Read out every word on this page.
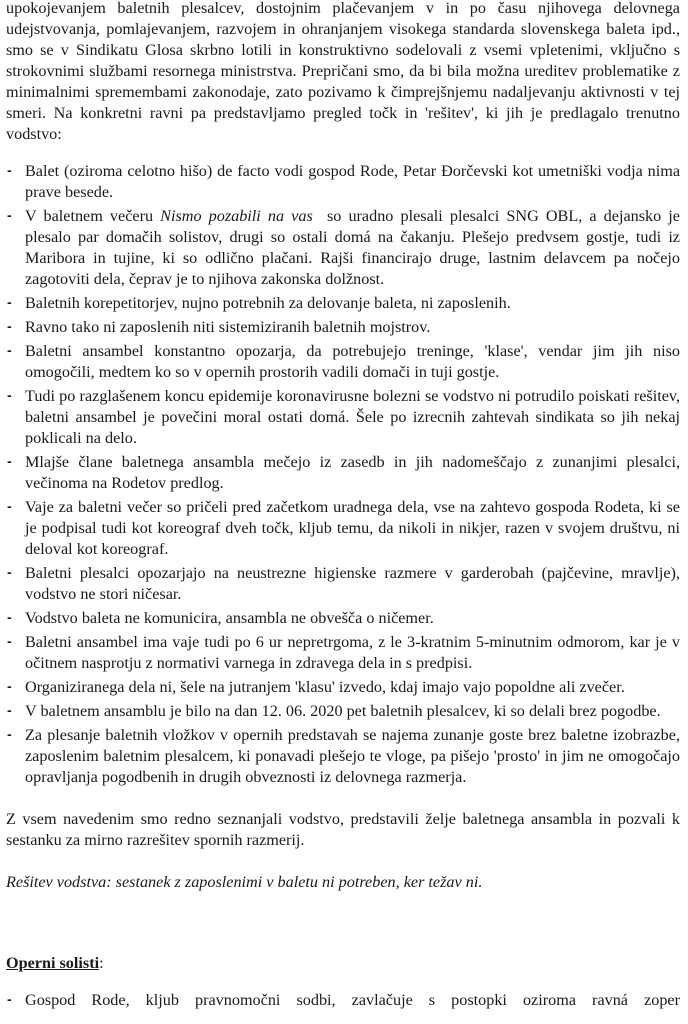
upokojevanjem baletnih plesalcev, dostojnim plačevanjem v in po času njihovega delovnega udejstvovanja, pomlajevanjem, razvojem in ohranjanjem visokega standarda slovenskega baleta ipd., smo se v Sindikatu Glosa skrbno lotili in konstruktivno sodelovali z vsemi vpletenimi, vključno s strokovnimi službami resornega ministrstva. Prepričani smo, da bi bila možna ureditev problematike z minimalnimi spremembami zakonodaje, zato pozivamo k čimprejšnjemu nadaljevanju aktivnosti v tej smeri. Na konkretni ravni pa predstavljamo pregled točk in 'rešitev', ki jih je predlagalo trenutno vodstvo:

- Balet (oziroma celotno hišo) de facto vodi gospod Rode, Petar Đorčevski kot umetniški vodja nima prave besede.
- V baletnem večeru Nismo pozabili na vas  so uradno plesali plesalci SNG OBL, a dejansko je plesalo par domačih solistov, drugi so ostali domá na čakanju. Plešejo predvsem gostje, tudi iz Maribora in tujine, ki so odlično plačani. Rajši financirajo druge, lastnim delavcem pa nočejo zagotoviti dela, čeprav je to njihova zakonska dolžnost.
- Baletnih korepetitorjev, nujno potrebnih za delovanje baleta, ni zaposlenih.
- Ravno tako ni zaposlenih niti sistemiziranih baletnih mojstrov.
- Baletni ansambel konstantno opozarja, da potrebujejo treninge, 'klase', vendar jim jih niso omogočili, medtem ko so v opernih prostorih vadili domači in tuji gostje.
- Tudi po razglašenem koncu epidemije koronavirusne bolezni se vodstvo ni potrudilo poiskati rešitev, baletni ansambel je povečini moral ostati domá. Šele po izrecnih zahtevah sindikata so jih nekaj poklicali na delo.
- Mlajše člane baletnega ansambla mečejo iz zasedb in jih nadomeščajo z zunanjimi plesalci, večinoma na Rodetov predlog.
- Vaje za baletni večer so pričeli pred začetkom uradnega dela, vse na zahtevo gospoda Rodeta, ki se je podpisal tudi kot koreograf dveh točk, kljub temu, da nikoli in nikjer, razen v svojem društvu, ni deloval kot koreograf.
- Baletni plesalci opozarjajo na neustrezne higienske razmere v garderobah (pajčevine, mravlje), vodstvo ne stori ničesar.
- Vodstvo baleta ne komunicira, ansambla ne obvešča o ničemer.
- Baletni ansambel ima vaje tudi po 6 ur nepretrgoma, z le 3-kratnim 5-minutnim odmorom, kar je v očitnem nasprotju z normativi varnega in zdravega dela in s predpisi.
- Organiziranega dela ni, šele na jutranjem 'klasu' izvedo, kdaj imajo vajo popoldne ali zvečer.
- V baletnem ansamblu je bilo na dan 12. 06. 2020 pet baletnih plesalcev, ki so delali brez pogodbe.
- Za plesanje baletnih vložkov v opernih predstavah se najema zunanje goste brez baletne izobrazbe, zaposlenim baletnim plesalcem, ki ponavadi plešejo te vloge, pa pišejo 'prosto' in jim ne omogočajo opravljanja pogodbenih in drugih obveznosti iz delovnega razmerja.

Z vsem navedenim smo redno seznanjali vodstvo, predstavili želje baletnega ansambla in pozvali k sestanku za mirno razrešitev spornih razmerij.

Rešitev vodstva: sestanek z zaposlenimi v baletu ni potreben, ker težav ni.

Operni solisti:

- Gospod Rode, kljub pravnomočni sodbi, zavlačuje s postopki oziroma ravná zoper
